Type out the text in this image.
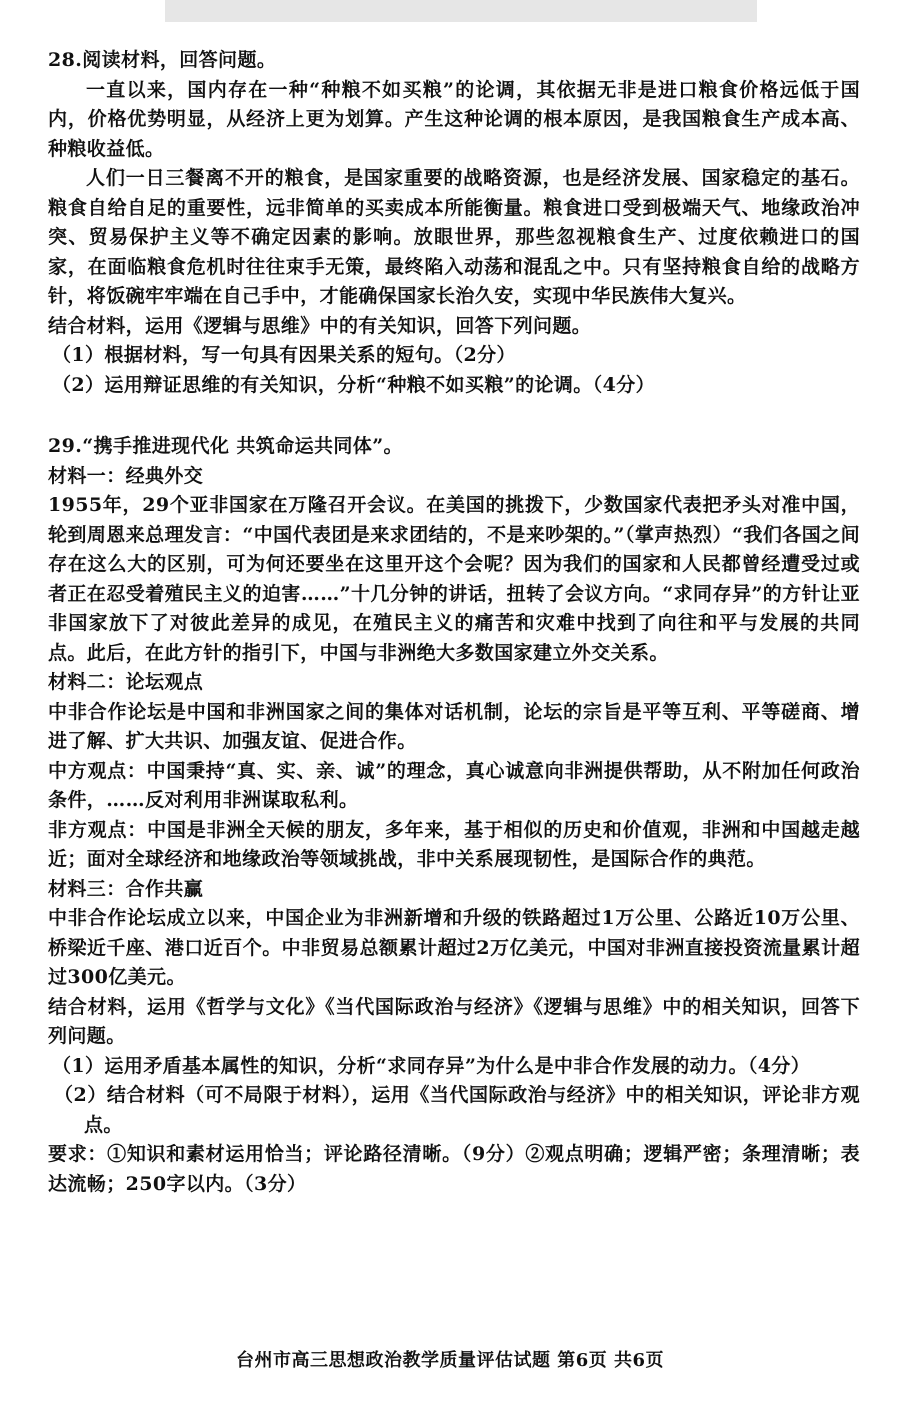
28.阅读材料，回答问题。

一直以来，国内存在一种“种粮不如买粮”的论调，其依据无非是进口粮食价格远低于国内，价格优势明显，从经济上更为划算。产生这种论调的根本原因，是我国粮食生产成本高、种粮收益低。

人们一日三餐离不开的粮食，是国家重要的战略资源，也是经济发展、国家稳定的基石。粮食自给自足的重要性，远非简单的买卖成本所能衡量。粮食进口受到极端天气、地缘政治冲突、贸易保护主义等不确定因素的影响。放眼世界，那些忽视粮食生产、过度依赖进口的国家，在面临粮食危机时往往束手无策，最终陷入动荡和混乱之中。只有坚持粮食自给的战略方针，将饭碗牢牢端在自己手中，才能确保国家长治久安，实现中华民族伟大复兴。

结合材料，运用《逻辑与思维》中的有关知识，回答下列问题。

（1）根据材料，写一句具有因果关系的短句。（2分）

（2）运用辩证思维的有关知识，分析“种粮不如买粮”的论调。（4分）

29.“携手推进现代化 共筑命运共同体”。

材料一：经典外交

1955年，29个亚非国家在万隆召开会议。在美国的挑拨下，少数国家代表把矛头对准中国，轮到周恩来总理发言：“中国代表团是来求团结的，不是来吵架的。”（掌声热烈）“我们各国之间存在这么大的区别，可为何还要坐在这里开这个会呢？因为我们的国家和人民都曾经遭受过或者正在忍受着殖民主义的迫害……”十几分钟的讲话，扭转了会议方向。“求同存异”的方针让亚非国家放下了对彼此差异的成见，在殖民主义的痛苦和灾难中找到了向往和平与发展的共同点。此后，在此方针的指引下，中国与非洲绝大多数国家建立外交关系。

材料二：论坛观点

中非合作论坛是中国和非洲国家之间的集体对话机制，论坛的宗旨是平等互利、平等磋商、增进了解、扩大共识、加强友谊、促进合作。

中方观点：中国秉持“真、实、亲、诚”的理念，真心诚意向非洲提供帮助，从不附加任何政治条件，……反对利用非洲谋取私利。

非方观点：中国是非洲全天候的朋友，多年来，基于相似的历史和价值观，非洲和中国越走越近；面对全球经济和地缘政治等领域挑战，非中关系展现韧性，是国际合作的典范。

材料三：合作共赢

中非合作论坛成立以来，中国企业为非洲新增和升级的铁路超过1万公里、公路近10万公里、桥梁近千座、港口近百个。中非贸易总额累计超过2万亿美元，中国对非洲直接投资流量累计超过300亿美元。

结合材料，运用《哲学与文化》《当代国际政治与经济》《逻辑与思维》中的相关知识，回答下列问题。

（1）运用矛盾基本属性的知识，分析“求同存异”为什么是中非合作发展的动力。（4分）

（2）结合材料（可不局限于材料），运用《当代国际政治与经济》中的相关知识，评论非方观点。

要求：①知识和素材运用恰当；评论路径清晰。（9分）②观点明确；逻辑严密；条理清晰；表达流畅；250字以内。（3分）

台州市高三思想政治教学质量评估试题 第6页 共6页
